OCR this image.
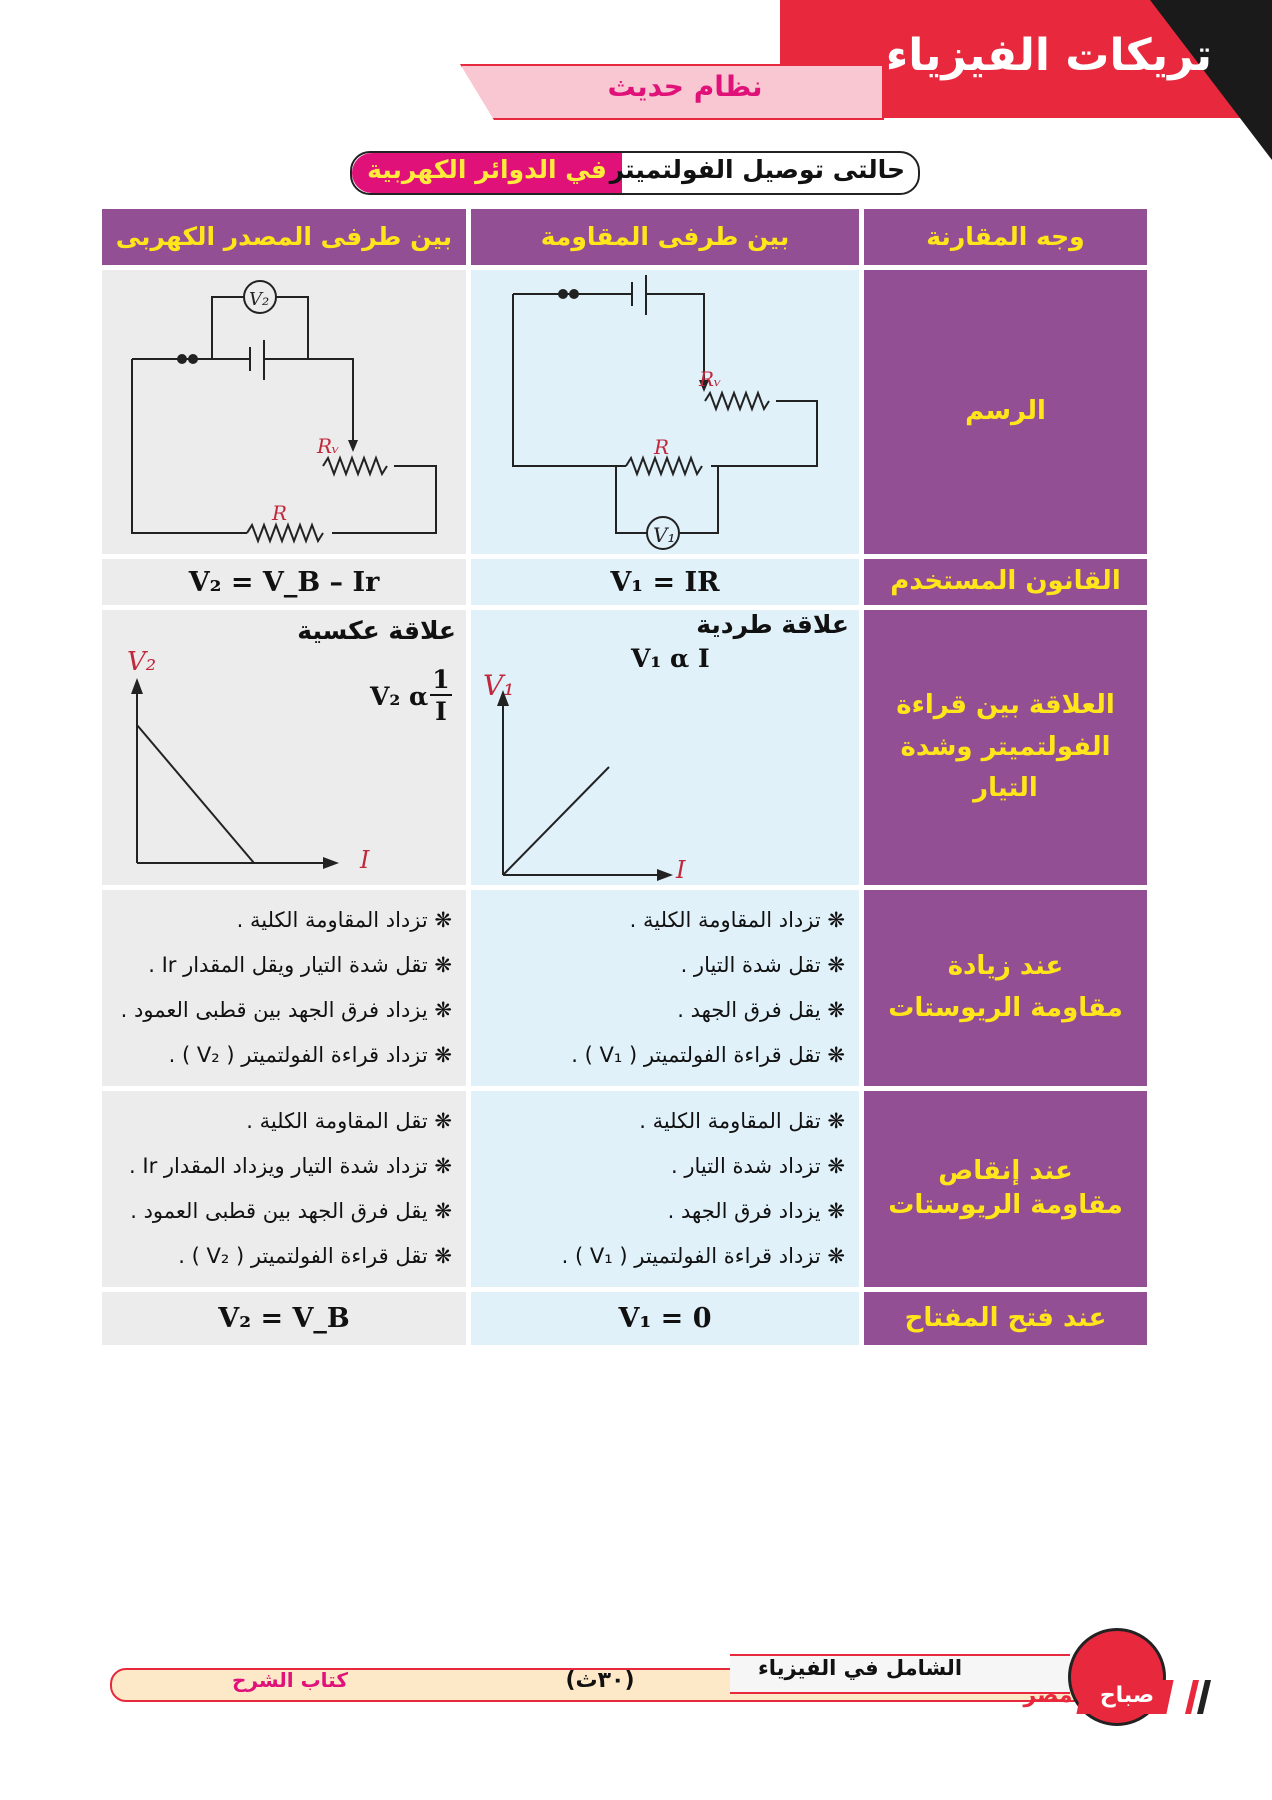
تريكات الفيزياء
نظام حديث
حالتى توصيل الفولتميتر
في الدوائر الكهربية
وجه المقارنة
بين طرفى المقاومة
بين طرفى المصدر الكهربى
الرسم
V₁
Rᵥ
R
V₂
Rᵥ
R
القانون المستخدم
V₁ = IR
V₂ = V_B – Ir
العلاقة بين قراءة
الفولتميتر وشدة التيار
علاقة طردية
V₁ α I
V₁
I
علاقة عكسية
V₂ α
1
I
V₂
I
عند زيادة
مقاومة الريوستات
❋ تزداد المقاومة الكلية .
❋ تقل شدة التيار .
❋ يقل فرق الجهد .
❋ تقل قراءة الفولتميتر ( V₁ ) .
❋ تزداد المقاومة الكلية .
❋ تقل شدة التيار ويقل المقدار Ir .
❋ يزداد فرق الجهد بين قطبى العمود .
❋ تزداد قراءة الفولتميتر ( V₂ ) .
عند إنقاص
مقاومة الريوستات
❋ تقل المقاومة الكلية .
❋ تزداد شدة التيار .
❋ يزداد فرق الجهد .
❋ تزداد قراءة الفولتميتر ( V₁ ) .
❋ تقل المقاومة الكلية .
❋ تزداد شدة التيار ويزداد المقدار Ir .
❋ يقل فرق الجهد بين قطبى العمود .
❋ تقل قراءة الفولتميتر ( V₂ ) .
عند فتح المفتاح
V₁ = 0
V₂ = V_B
الشامل في الفيزياء
(٣٠ث)
كتاب الشرح
صباح
مصر
